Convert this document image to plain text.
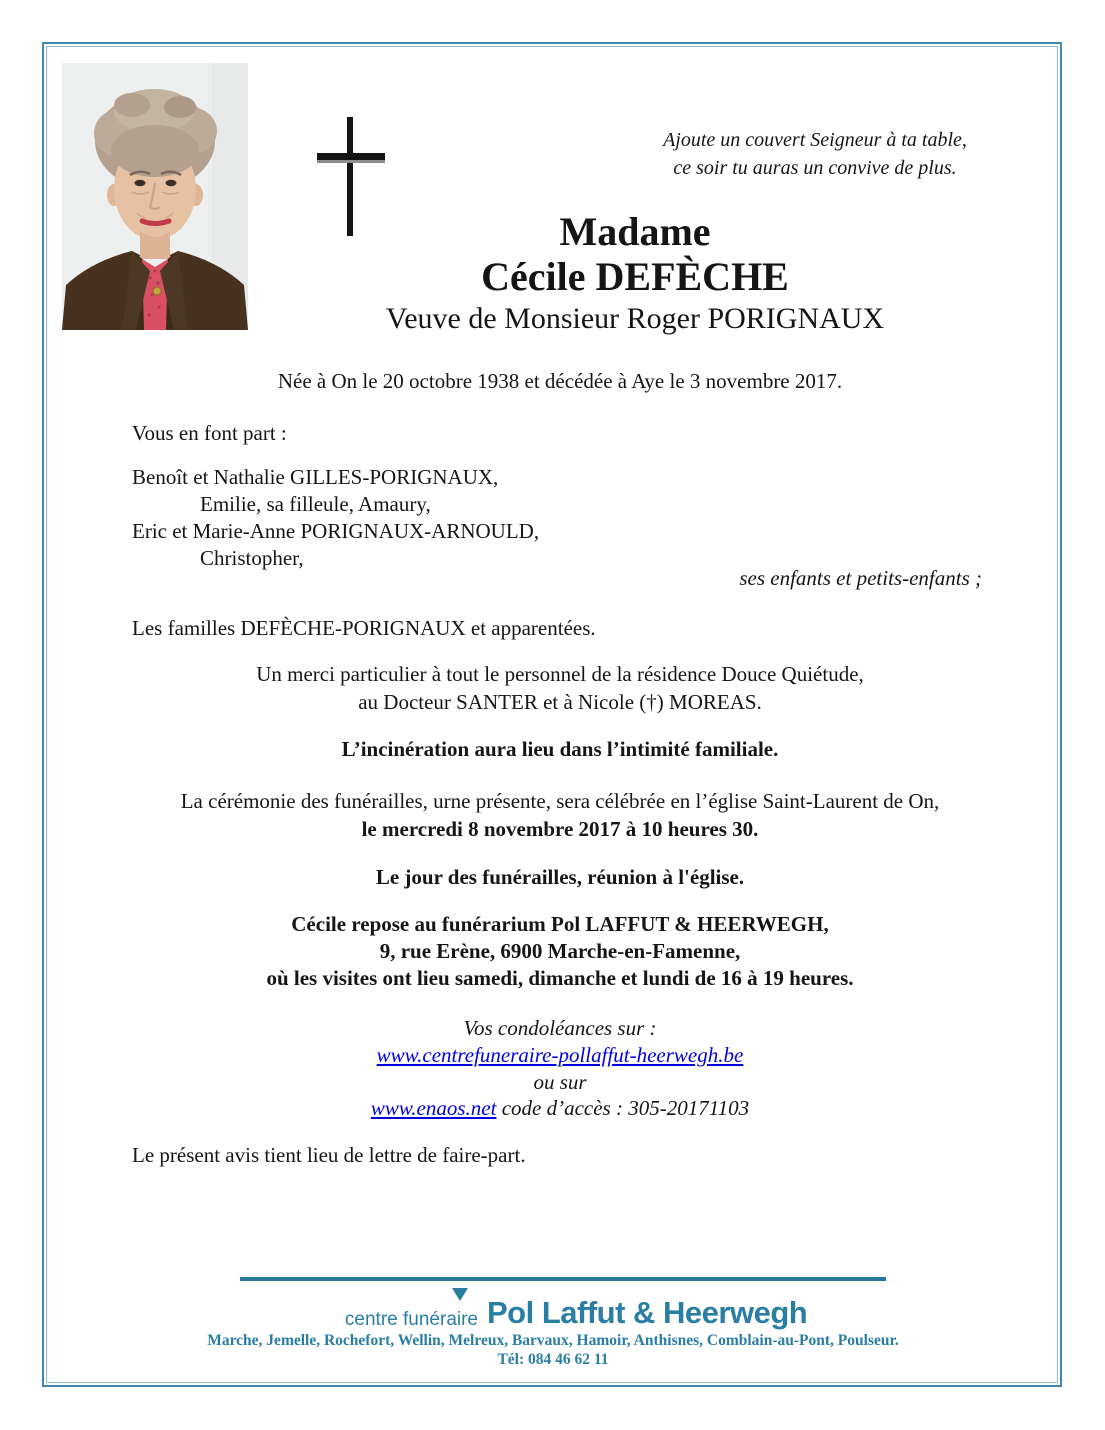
Ajoute un couvert Seigneur à ta table,
ce soir tu auras un convive de plus.
Madame
Cécile DEFÈCHE
Veuve de Monsieur Roger PORIGNAUX
Née à On le 20 octobre 1938 et décédée à Aye le 3 novembre 2017.
Vous en font part :
Benoît et Nathalie GILLES-PORIGNAUX,
Emilie, sa filleule, Amaury,
Eric et Marie-Anne PORIGNAUX-ARNOULD,
Christopher,
ses enfants et petits-enfants ;
Les familles DEFÈCHE-PORIGNAUX et apparentées.
Un merci particulier à tout le personnel de la résidence Douce Quiétude,
au Docteur SANTER et à Nicole (†) MOREAS.
L’incinération aura lieu dans l’intimité familiale.
La cérémonie des funérailles, urne présente, sera célébrée en l’église Saint-Laurent de On,
le mercredi 8 novembre 2017 à 10 heures 30.
Le jour des funérailles, réunion à l'église.
Cécile repose au funérarium Pol LAFFUT & HEERWEGH,
9, rue Erène, 6900 Marche-en-Famenne,
où les visites ont lieu samedi, dimanche et lundi de 16 à 19 heures.
Vos condoléances sur :
www.centrefuneraire-pollaffut-heerwegh.be
ou sur
www.enaos.net code d’accès : 305-20171103
Le présent avis tient lieu de lettre de faire-part.
centre funéraire Pol Laffut & Heerwegh
Marche, Jemelle, Rochefort, Wellin, Melreux, Barvaux, Hamoir, Anthisnes, Comblain-au-Pont, Poulseur.
Tél: 084 46 62 11
